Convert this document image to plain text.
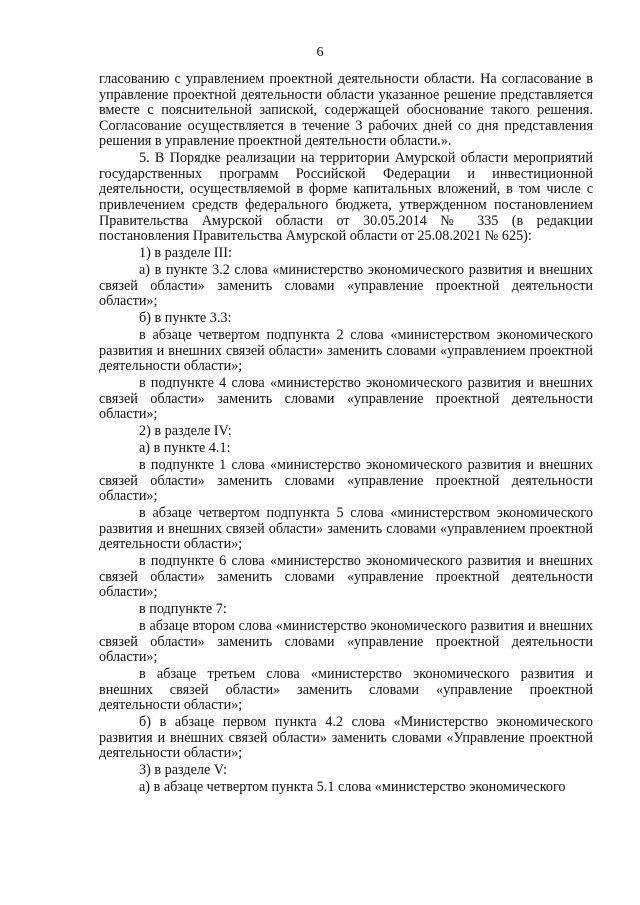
6

гласованию с управлением проектной деятельности области. На согласование в управление проектной деятельности области указанное решение представляется вместе с пояснительной запиской, содержащей обоснование такого решения. Согласование осуществляется в течение 3 рабочих дней со дня представления решения в управление проектной деятельности области.».

5. В Порядке реализации на территории Амурской области мероприятий государственных программ Российской Федерации и инвестиционной деятельности, осуществляемой в форме капитальных вложений, в том числе с привлечением средств федерального бюджета, утвержденном постановлением Правительства Амурской области от 30.05.2014 № 335 (в редакции постановления Правительства Амурской области от 25.08.2021 № 625):

1) в разделе III:

а) в пункте 3.2 слова «министерство экономического развития и внешних связей области» заменить словами «управление проектной деятельности области»;

б) в пункте 3.3:

в абзаце четвертом подпункта 2 слова «министерством экономического развития и внешних связей области» заменить словами «управлением проектной деятельности области»;

в подпункте 4 слова «министерство экономического развития и внешних связей области» заменить словами «управление проектной деятельности области»;

2) в разделе IV:

а) в пункте 4.1:

в подпункте 1 слова «министерство экономического развития и внешних связей области» заменить словами «управление проектной деятельности области»;

в абзаце четвертом подпункта 5 слова «министерством экономического развития и внешних связей области» заменить словами «управлением проектной деятельности области»;

в подпункте 6 слова «министерство экономического развития и внешних связей области» заменить словами «управление проектной деятельности области»;

в подпункте 7:

в абзаце втором слова «министерство экономического развития и внешних связей области» заменить словами «управление проектной деятельности области»;

в абзаце третьем слова «министерство экономического развития и внешних связей области» заменить словами «управление проектной деятельности области»;

б) в абзаце первом пункта 4.2 слова «Министерство экономического развития и внешних связей области» заменить словами «Управление проектной деятельности области»;

3) в разделе V:

а) в абзаце четвертом пункта 5.1 слова «министерство экономического
